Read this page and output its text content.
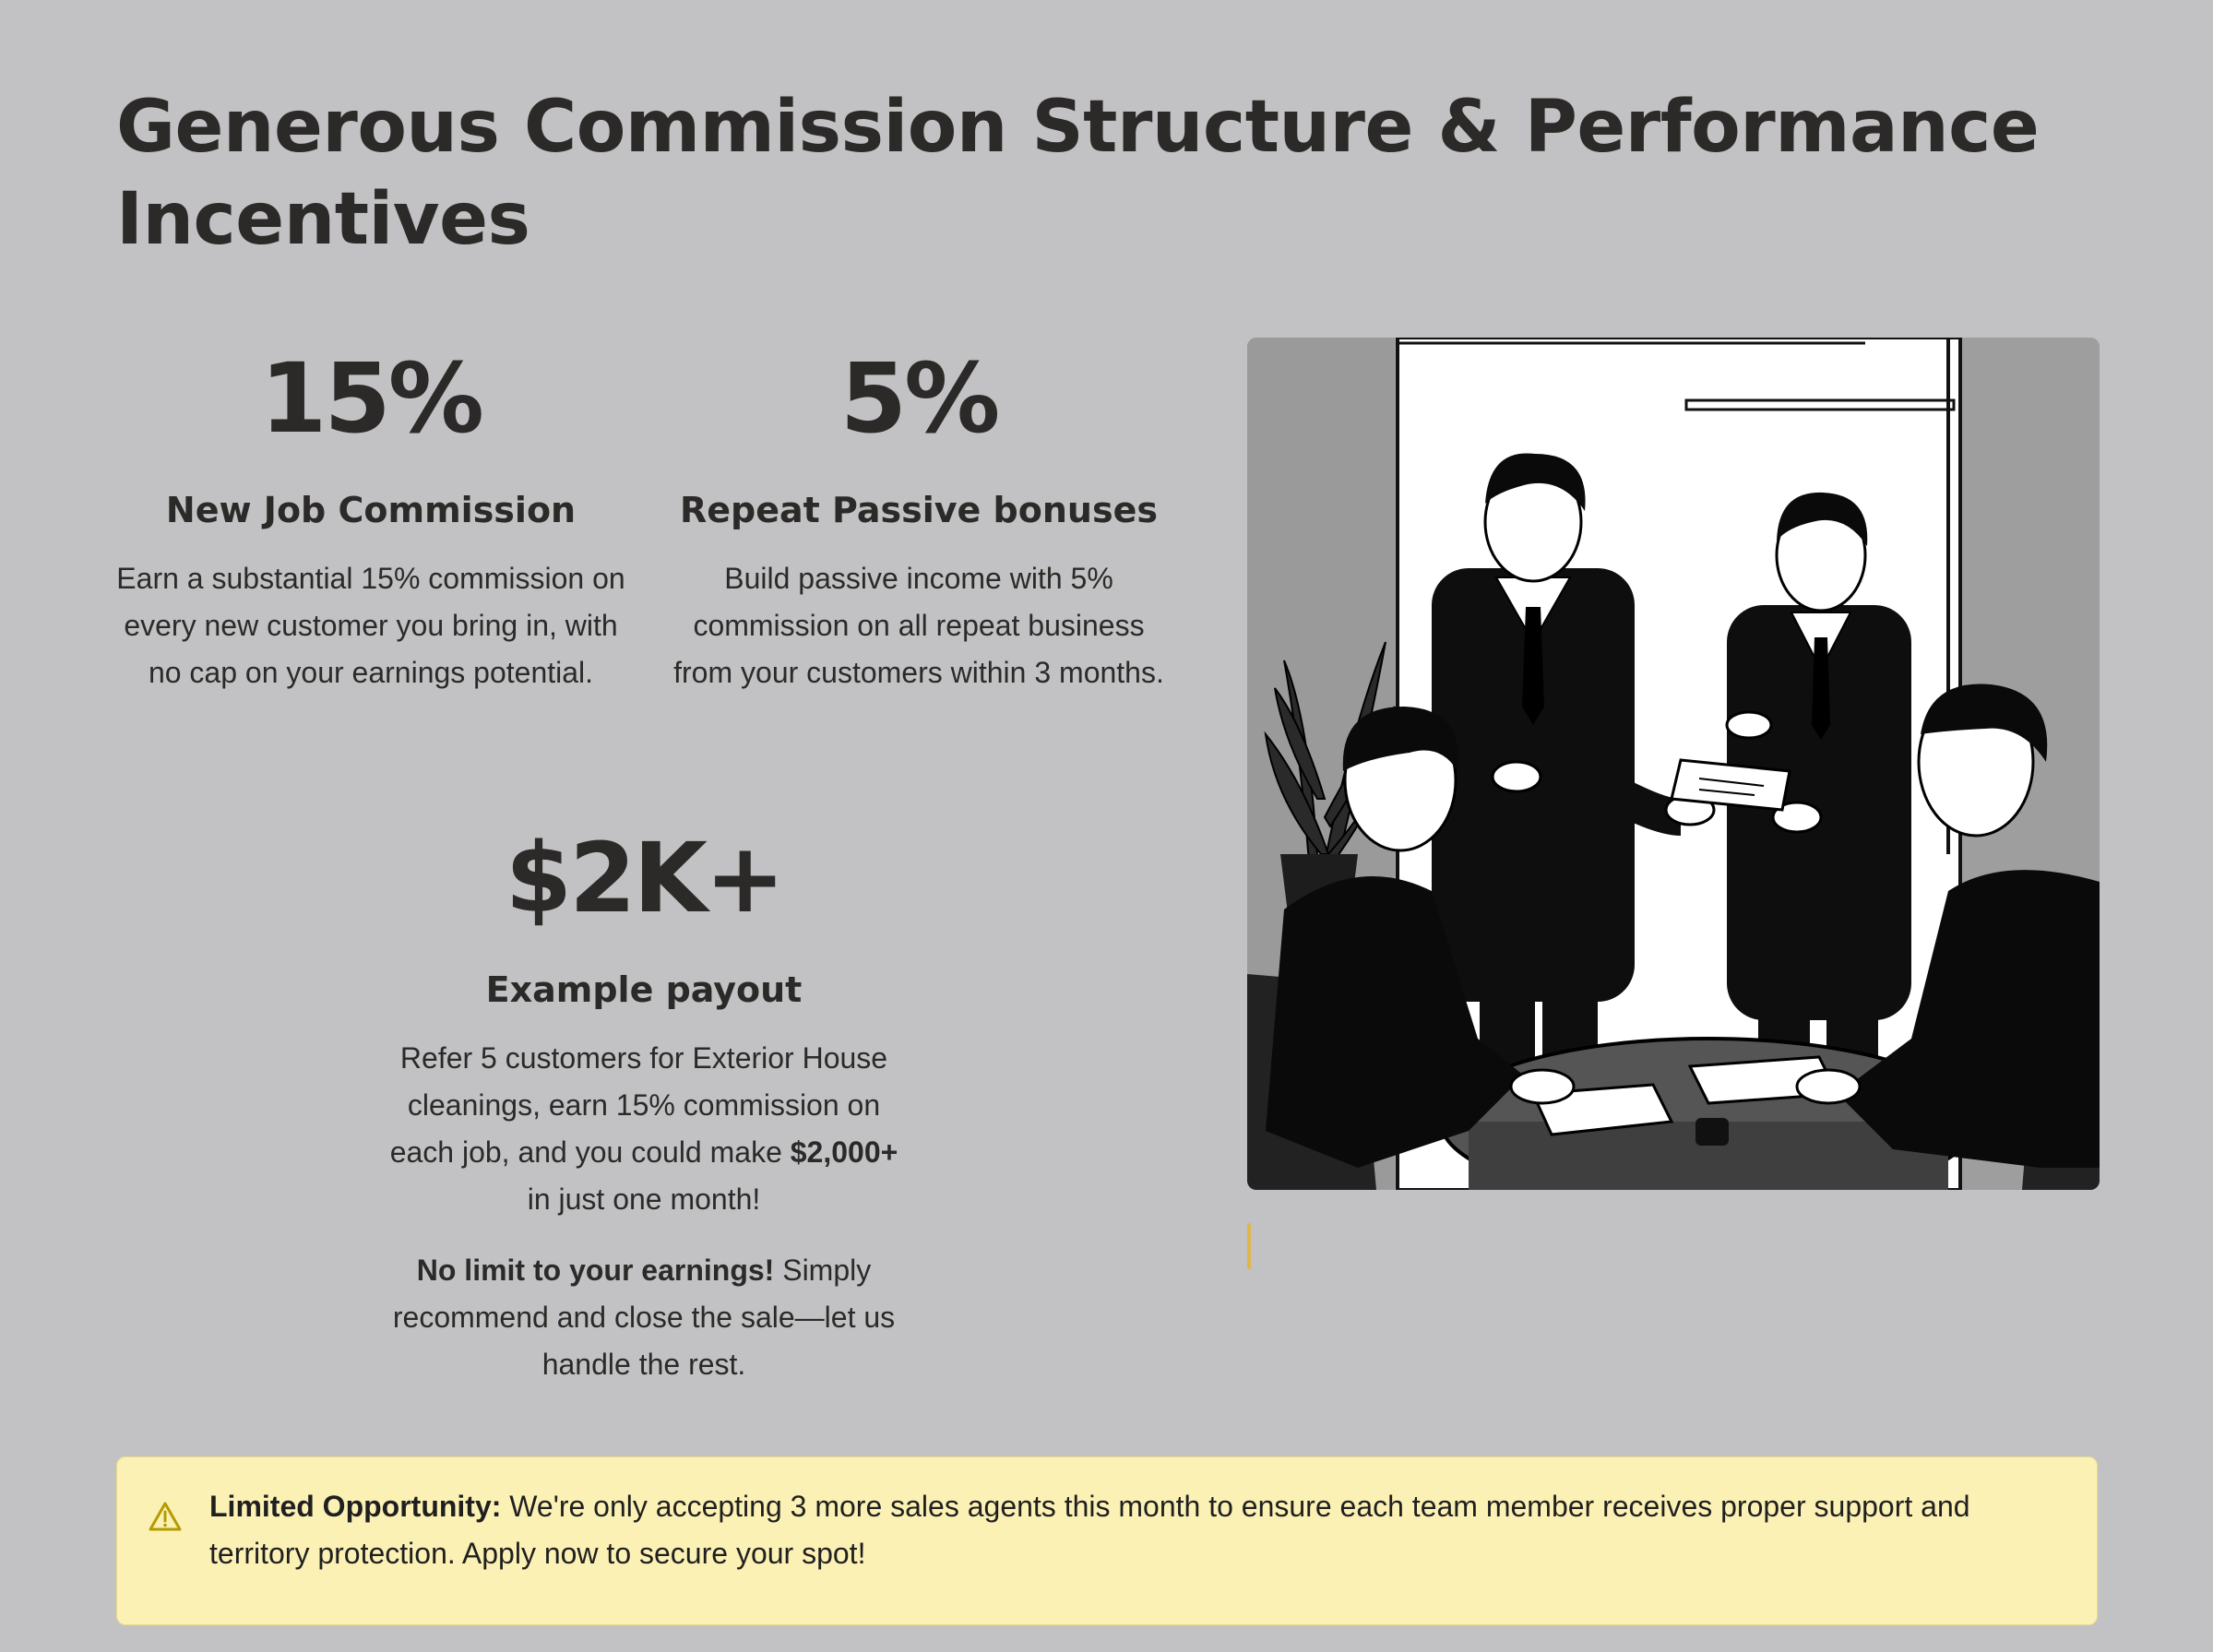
Generous Commission Structure & Performance Incentives
15%
New Job Commission

Earn a substantial 15% commission on every new customer you bring in, with no cap on your earnings potential.

5%
Repeat Passive bonuses

Build passive income with 5% commission on all repeat business from your customers within 3 months.

$2K+
Example payout

Refer 5 customers for Exterior House cleanings, earn 15% commission on each job, and you could make $2,000+ in just one month!

No limit to your earnings! Simply recommend and close the sale—let us handle the rest.

Limited Opportunity: We're only accepting 3 more sales agents this month to ensure each team member receives proper support and territory protection. Apply now to secure your spot!
